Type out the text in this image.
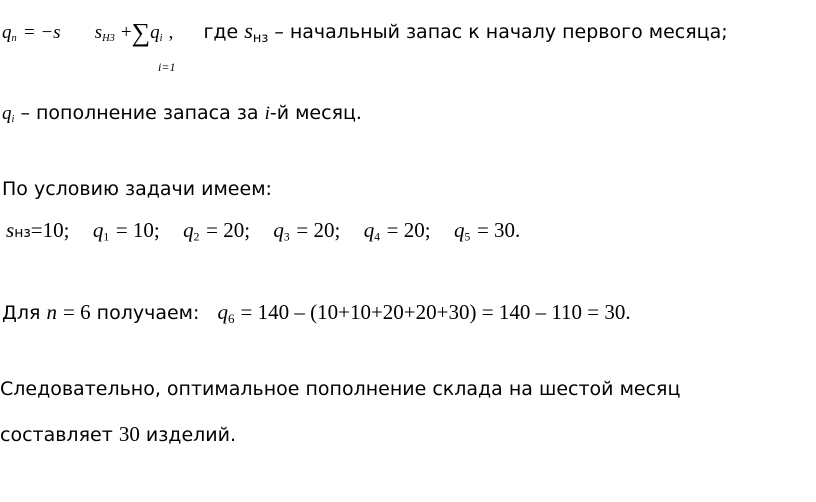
qn = −s sН3 +∑qi , где $s_{нз}$ – начальный запас к началу первого месяца;
i=1
qi – пополнение запаса за i-й месяц.
По условию задачи имеем:
sнз=10; q1 = 10; q2 = 20; q3 = 20; q4 = 20; q5 = 30.
Для n = 6 получаем: $q_6 = 140 - (10+10+20+20+30) = 140 - 110 = 30$.
Следовательно, оптимальное пополнение склада на шестой месяц
составляет 30 изделий.
